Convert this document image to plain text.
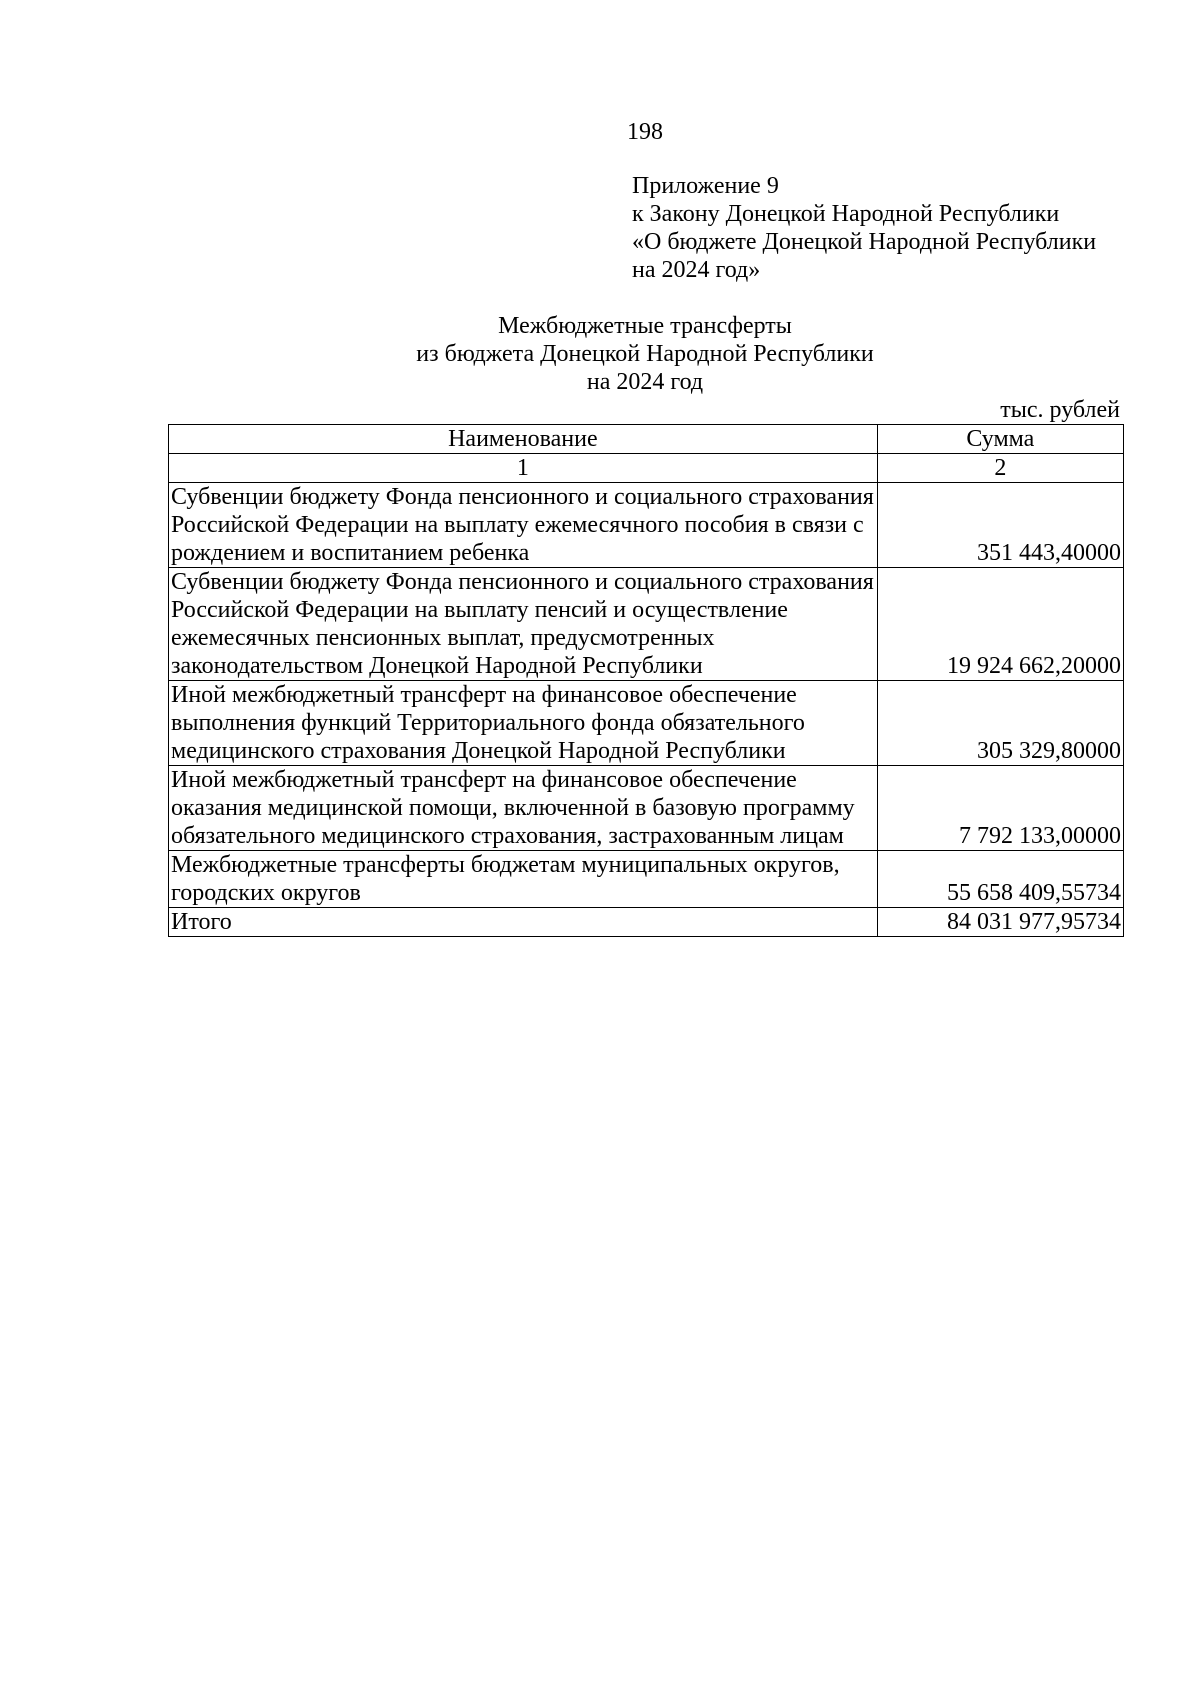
198
Приложение 9
к Закону Донецкой Народной Республики
«О бюджете Донецкой Народной Республики
на 2024 год»
Межбюджетные трансферты
из бюджета Донецкой Народной Республики
на 2024 год
тыс. рублей
Наименование	Сумма
1	2
Субвенции бюджету Фонда пенсионного и социального страхования Российской Федерации на выплату ежемесячного пособия в связи с рождением и воспитанием ребенка	351 443,40000
Субвенции бюджету Фонда пенсионного и социального страхования Российской Федерации на выплату пенсий и осуществление ежемесячных пенсионных выплат, предусмотренных законодательством Донецкой Народной Республики	19 924 662,20000
Иной межбюджетный трансферт на финансовое обеспечение выполнения функций Территориального фонда обязательного медицинского страхования Донецкой Народной Республики	305 329,80000
Иной межбюджетный трансферт на финансовое обеспечение оказания медицинской помощи, включенной в базовую программу обязательного медицинского страхования, застрахованным лицам	7 792 133,00000
Межбюджетные трансферты бюджетам муниципальных округов, городских округов	55 658 409,55734
Итого	84 031 977,95734
